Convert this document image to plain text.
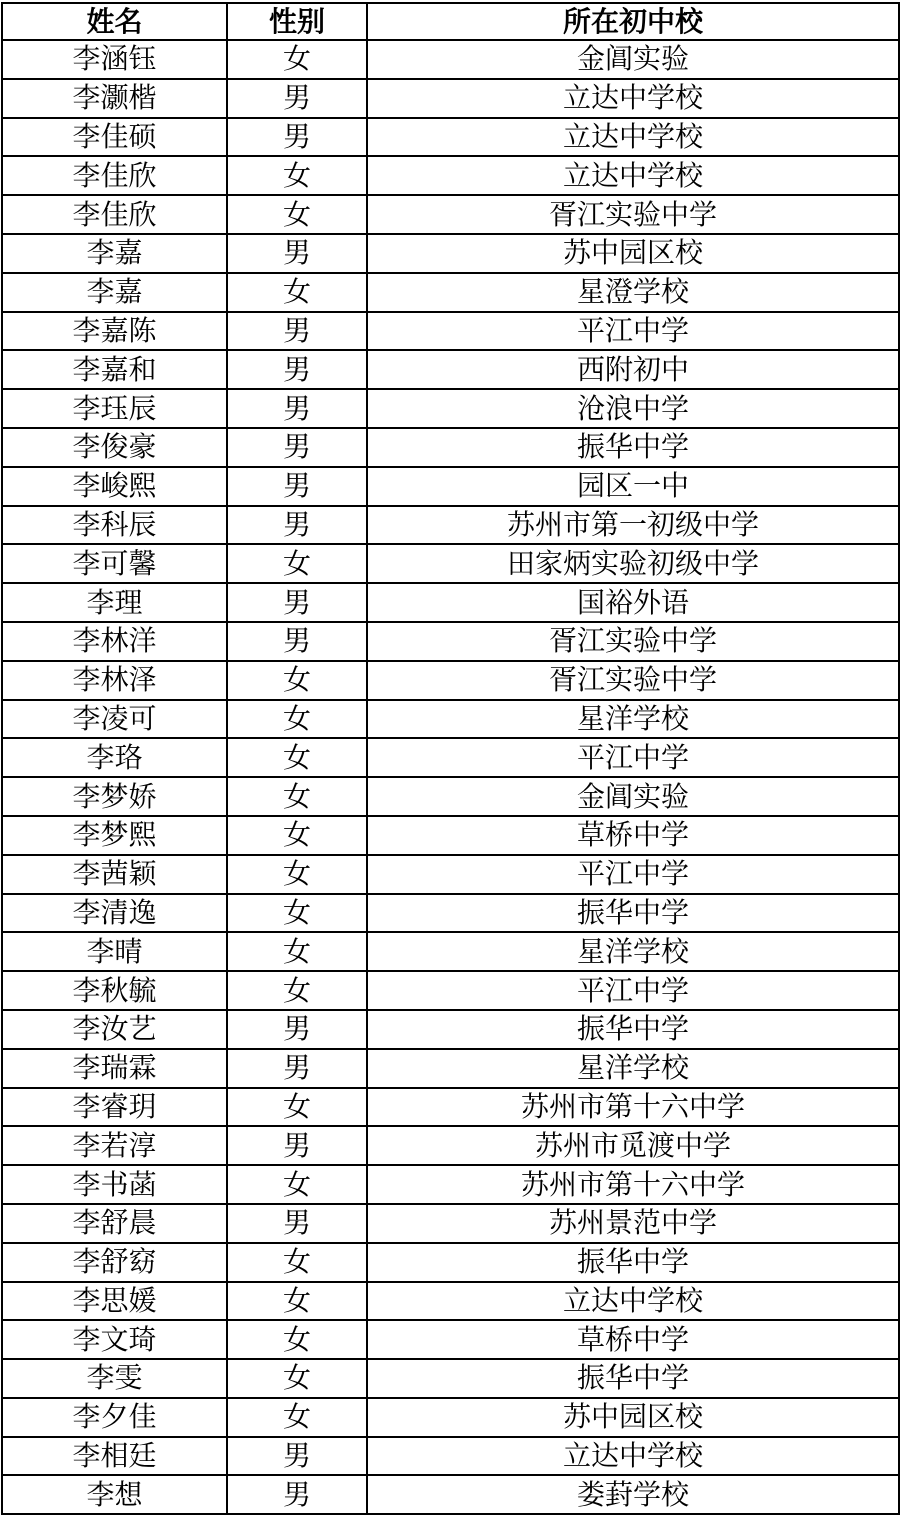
姓名	性别	所在初中校
李涵钰	女	金阊实验
李灏楷	男	立达中学校
李佳硕	男	立达中学校
李佳欣	女	立达中学校
李佳欣	女	胥江实验中学
李嘉	男	苏中园区校
李嘉	女	星澄学校
李嘉陈	男	平江中学
李嘉和	男	西附初中
李珏辰	男	沧浪中学
李俊豪	男	振华中学
李峻熙	男	园区一中
李科辰	男	苏州市第一初级中学
李可馨	女	田家炳实验初级中学
李理	男	国裕外语
李林洋	男	胥江实验中学
李林泽	女	胥江实验中学
李凌可	女	星洋学校
李珞	女	平江中学
李梦娇	女	金阊实验
李梦熙	女	草桥中学
李茜颖	女	平江中学
李清逸	女	振华中学
李晴	女	星洋学校
李秋毓	女	平江中学
李汝艺	男	振华中学
李瑞霖	男	星洋学校
李睿玥	女	苏州市第十六中学
李若淳	男	苏州市觅渡中学
李书菡	女	苏州市第十六中学
李舒晨	男	苏州景范中学
李舒窈	女	振华中学
李思媛	女	立达中学校
李文琦	女	草桥中学
李雯	女	振华中学
李夕佳	女	苏中园区校
李相廷	男	立达中学校
李想	男	娄葑学校
